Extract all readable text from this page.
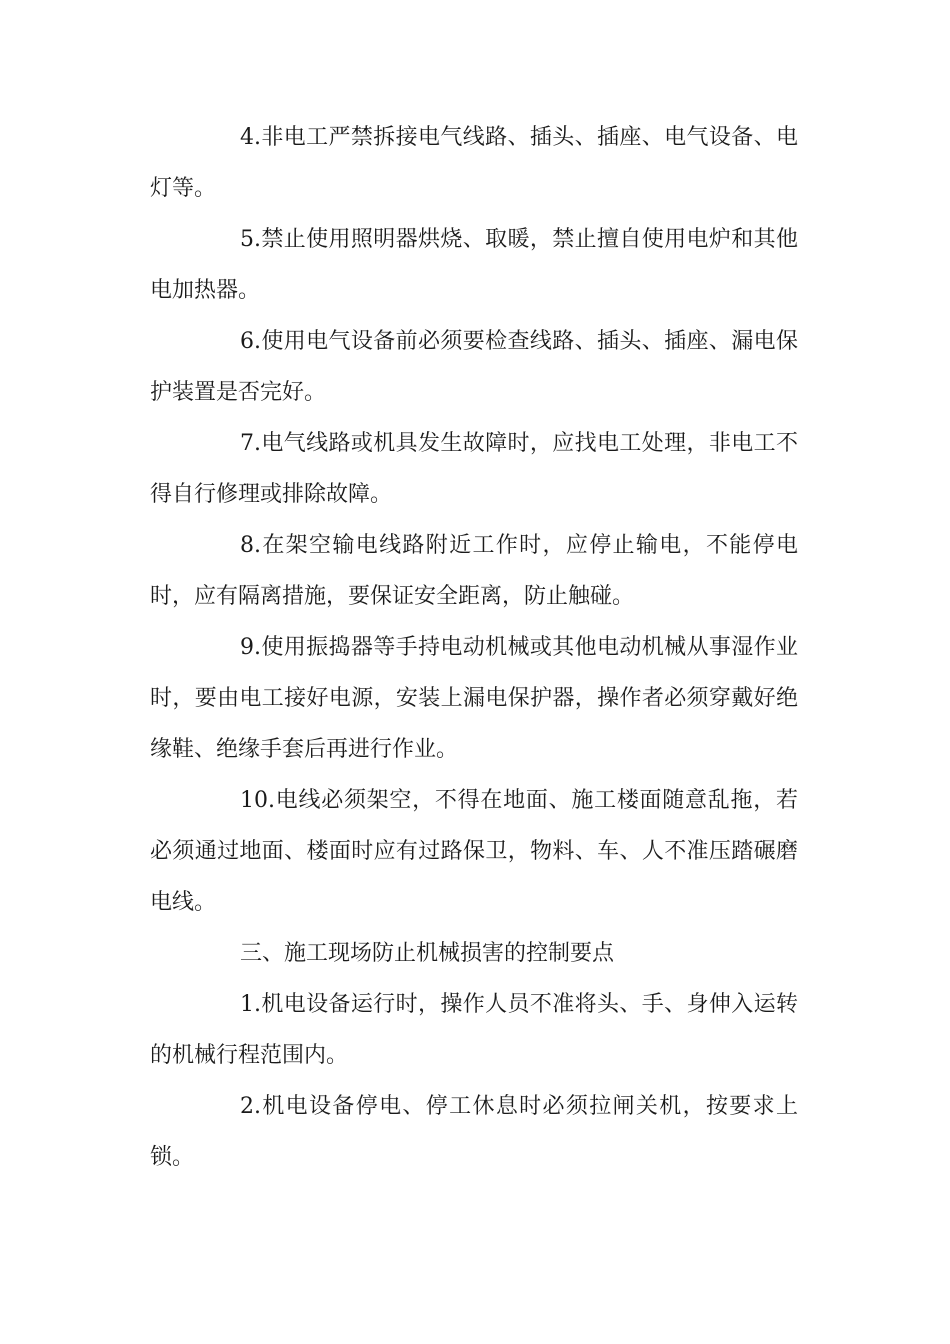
4.非电工严禁拆接电气线路、插头、插座、电气设备、电灯等。

5.禁止使用照明器烘烧、取暖，禁止擅自使用电炉和其他电加热器。

6.使用电气设备前必须要检查线路、插头、插座、漏电保护装置是否完好。

7.电气线路或机具发生故障时，应找电工处理，非电工不得自行修理或排除故障。

8.在架空输电线路附近工作时，应停止输电，不能停电时，应有隔离措施，要保证安全距离，防止触碰。

9.使用振捣器等手持电动机械或其他电动机械从事湿作业时，要由电工接好电源，安装上漏电保护器，操作者必须穿戴好绝缘鞋、绝缘手套后再进行作业。

10.电线必须架空，不得在地面、施工楼面随意乱拖，若必须通过地面、楼面时应有过路保卫，物料、车、人不准压踏碾磨电线。

三、施工现场防止机械损害的控制要点

1.机电设备运行时，操作人员不准将头、手、身伸入运转的机械行程范围内。

2.机电设备停电、停工休息时必须拉闸关机，按要求上锁。
